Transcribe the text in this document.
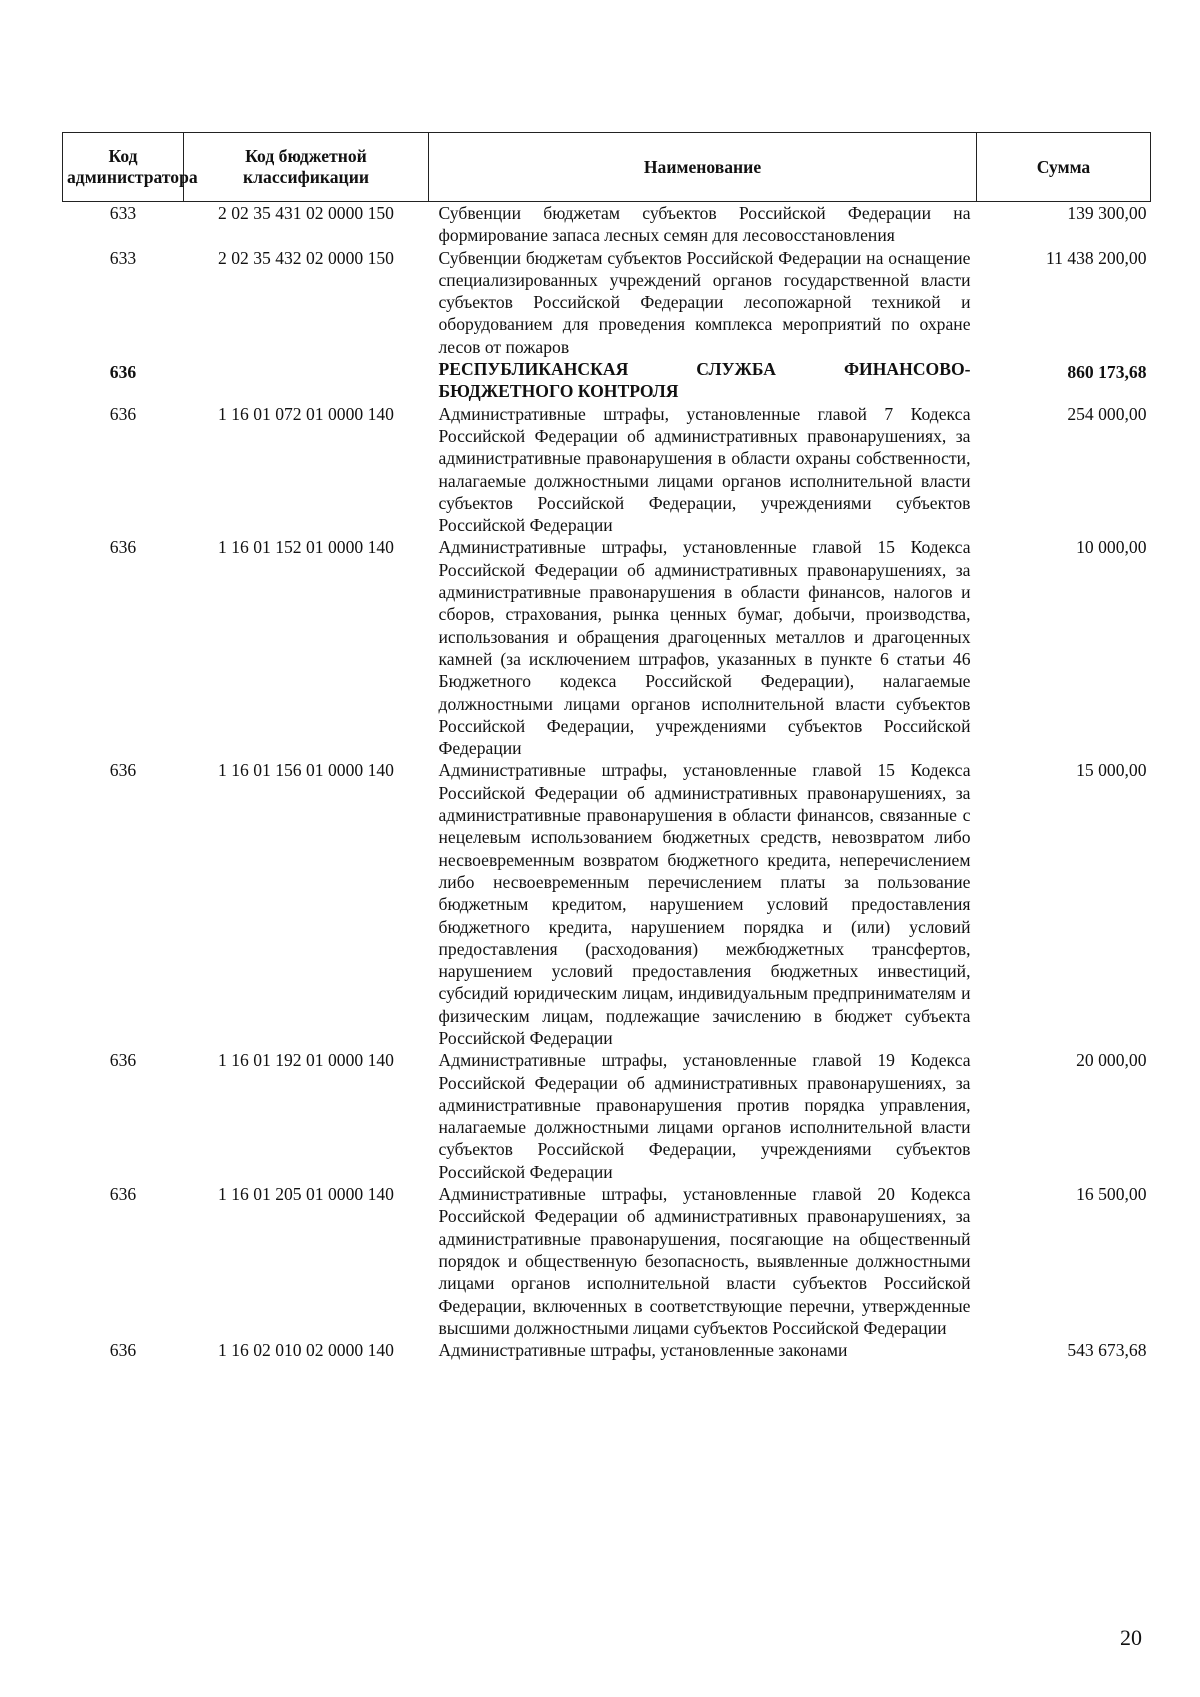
Код администратора	Код бюджетной классификации	Наименование	Сумма
633	2 02 35 431 02 0000 150	Субвенции бюджетам субъектов Российской Федерации на формирование запаса лесных семян для лесовосстановления	139 300,00
633	2 02 35 432 02 0000 150	Субвенции бюджетам субъектов Российской Федерации на оснащение специализированных учреждений органов государственной власти субъектов Российской Федерации лесопожарной техникой и оборудованием для проведения комплекса мероприятий по охране лесов от пожаров	11 438 200,00
636		РЕСПУБЛИКАНСКАЯ СЛУЖБА ФИНАНСОВО-БЮДЖЕТНОГО КОНТРОЛЯ	860 173,68
636	1 16 01 072 01 0000 140	Административные штрафы, установленные главой 7 Кодекса Российской Федерации об административных правонарушениях, за административные правонарушения в области охраны собственности, налагаемые должностными лицами органов исполнительной власти субъектов Российской Федерации, учреждениями субъектов Российской Федерации	254 000,00
636	1 16 01 152 01 0000 140	Административные штрафы, установленные главой 15 Кодекса Российской Федерации об административных правонарушениях, за административные правонарушения в области финансов, налогов и сборов, страхования, рынка ценных бумаг, добычи, производства, использования и обращения драгоценных металлов и драгоценных камней (за исключением штрафов, указанных в пункте 6 статьи 46 Бюджетного кодекса Российской Федерации), налагаемые должностными лицами органов исполнительной власти субъектов Российской Федерации, учреждениями субъектов Российской Федерации	10 000,00
636	1 16 01 156 01 0000 140	Административные штрафы, установленные главой 15 Кодекса Российской Федерации об административных правонарушениях, за административные правонарушения в области финансов, связанные с нецелевым использованием бюджетных средств, невозвратом либо несвоевременным возвратом бюджетного кредита, неперечислением либо несвоевременным перечислением платы за пользование бюджетным кредитом, нарушением условий предоставления бюджетного кредита, нарушением порядка и (или) условий предоставления (расходования) межбюджетных трансфертов, нарушением условий предоставления бюджетных инвестиций, субсидий юридическим лицам, индивидуальным предпринимателям и физическим лицам, подлежащие зачислению в бюджет субъекта Российской Федерации	15 000,00
636	1 16 01 192 01 0000 140	Административные штрафы, установленные главой 19 Кодекса Российской Федерации об административных правонарушениях, за административные правонарушения против порядка управления, налагаемые должностными лицами органов исполнительной власти субъектов Российской Федерации, учреждениями субъектов Российской Федерации	20 000,00
636	1 16 01 205 01 0000 140	Административные штрафы, установленные главой 20 Кодекса Российской Федерации об административных правонарушениях, за административные правонарушения, посягающие на общественный порядок и общественную безопасность, выявленные должностными лицами органов исполнительной власти субъектов Российской Федерации, включенных в соответствующие перечни, утвержденные высшими должностными лицами субъектов Российской Федерации	16 500,00
636	1 16 02 010 02 0000 140	Административные штрафы, установленные законами	543 673,68
20
